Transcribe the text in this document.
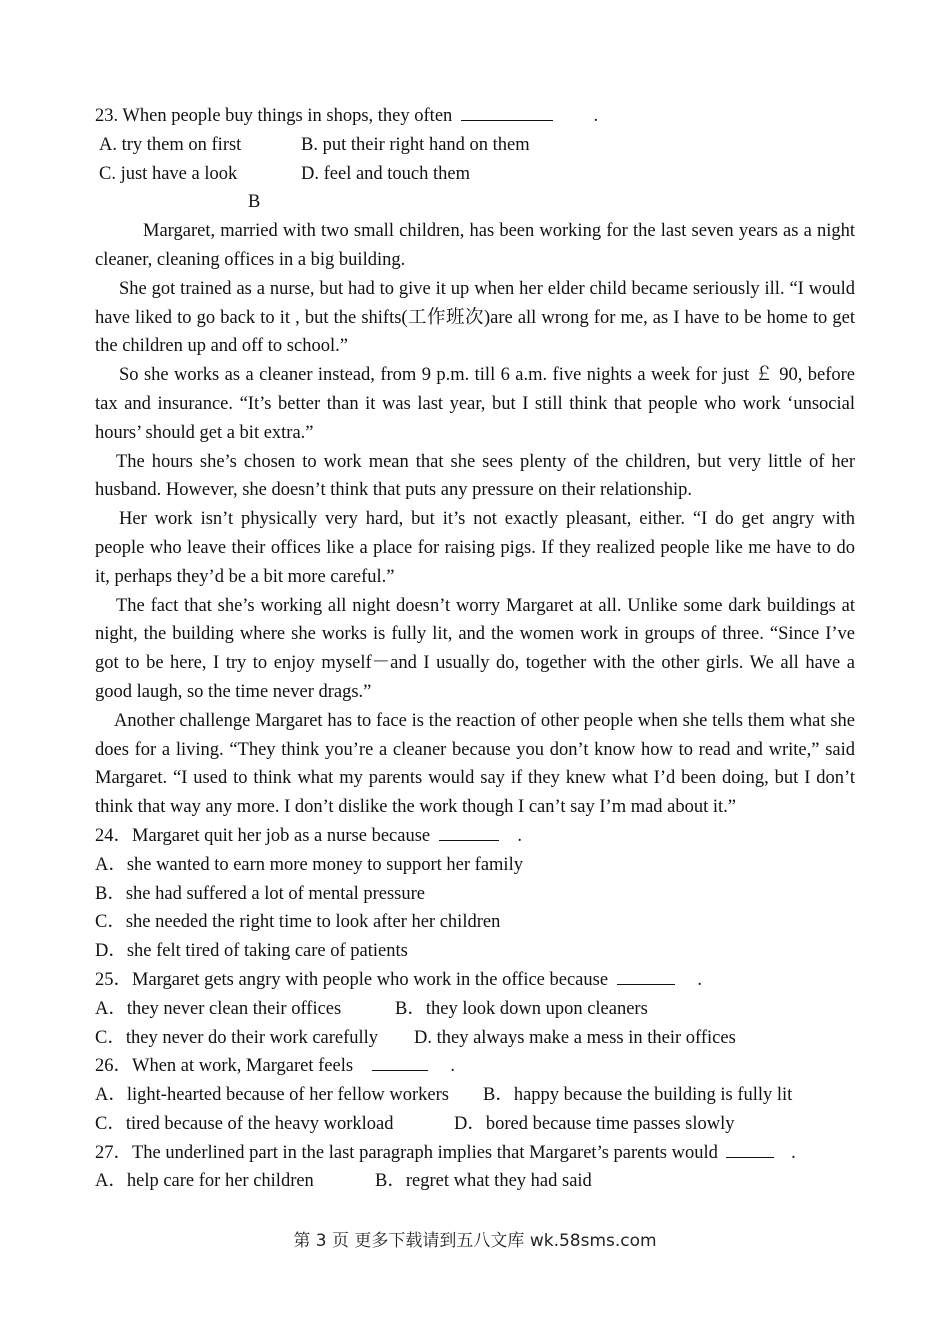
23. When people buy things in shops, they often	.
A. try them on first	B. put their right hand on them
C. just have a look	D. feel and touch them
B

Margaret, married with two small children, has been working for the last seven years as a night cleaner, cleaning offices in a big building.

She got trained as a nurse, but had to give it up when her elder child became seriously ill. “I would have liked to go back to it , but the shifts(工作班次)are all wrong for me, as I have to be home to get the children up and off to school.”

So she works as a cleaner instead, from 9 p.m. till 6 a.m. five nights a week for just ￡ 90, before tax and insurance. “It’s better than it was last year, but I still think that people who work ‘unsocial hours’ should get a bit extra.”

The hours she’s chosen to work mean that she sees plenty of the children, but very little of her husband. However, she doesn’t think that puts any pressure on their relationship.

Her work isn’t physically very hard, but it’s not exactly pleasant, either. “I do get angry with people who leave their offices like a place for raising pigs. If they realized people like me have to do it, perhaps they’d be a bit more careful.”

The fact that she’s working all night doesn’t worry Margaret at all. Unlike some dark buildings at night, the building where she works is fully lit, and the women work in groups of three. “Since I’ve got to be here, I try to enjoy myself－and I usually do, together with the other girls. We all have a good laugh, so the time never drags.”

Another challenge Margaret has to face is the reaction of other people when she tells them what she does for a living. “They think you’re a cleaner because you don’t know how to read and write,” said Margaret. “I used to think what my parents would say if they knew what I’d been doing, but I don’t think that way any more. I don’t dislike the work though I can’t say I’m mad about it.”

24．Margaret quit her job as a nurse because	.
A．she wanted to earn more money to support her family
B．she had suffered a lot of mental pressure
C．she needed the right time to look after her children
D．she felt tired of taking care of patients
25．Margaret gets angry with people who work in the office because	.
A．they never clean their offices	B．they look down upon cleaners
C．they never do their work carefully D. they always make a mess in their offices
26．When at work, Margaret feels	.
A．light-hearted because of her fellow workers B．happy because the building is fully lit
C．tired because of the heavy workload	D．bored because time passes slowly
27．The underlined part in the last paragraph implies that Margaret’s parents would	.
A．help care for her children	B．regret what they had said
第 3 页 更多下载请到五八文库 wk.58sms.com
